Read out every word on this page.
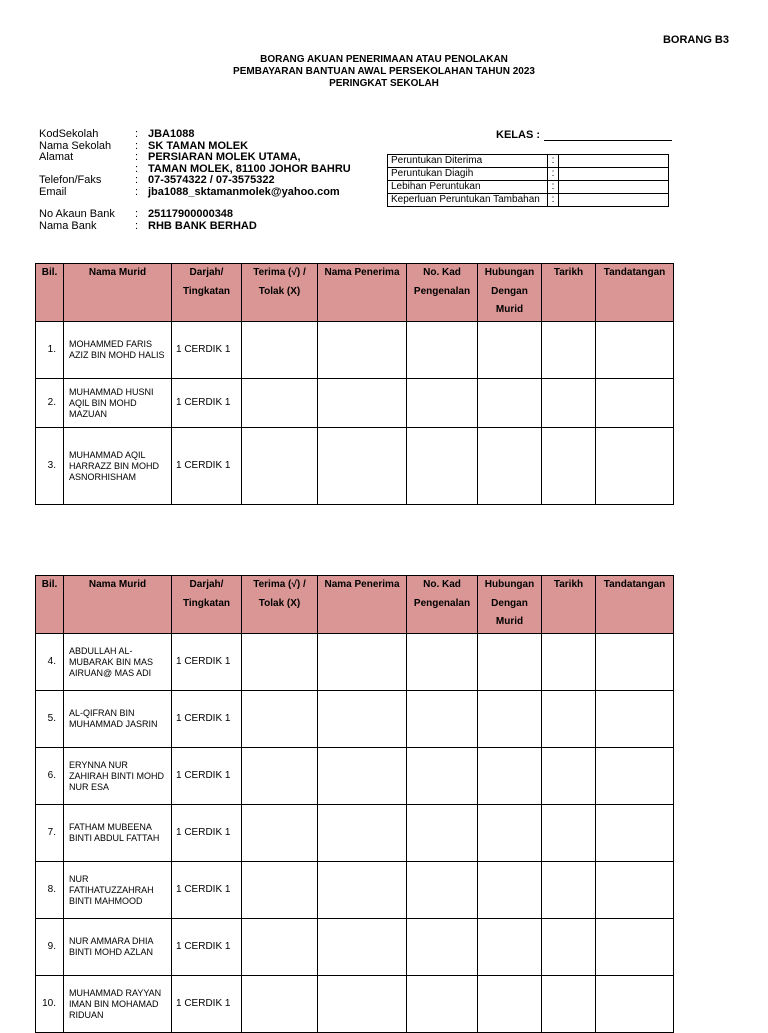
BORANG B3
BORANG AKUAN PENERIMAAN ATAU PENOLAKAN
PEMBAYARAN BANTUAN AWAL PERSEKOLAHAN TAHUN 2023
PERINGKAT SEKOLAH
KodSekolah	: JBA1088
Nama Sekolah	: SK TAMAN MOLEK
Alamat	: PERSIARAN MOLEK UTAMA,
: TAMAN MOLEK, 81100 JOHOR BAHRU
Telefon/Faks	: 07-3574322 / 07-3575322
Email	: jba1088_sktamanmolek@yahoo.com
No Akaun Bank	: 25117900000348
Nama Bank	: RHB BANK BERHAD
KELAS :
Peruntukan Diterima	:	
Peruntukan Diagih	:	
Lebihan Peruntukan	:	
Keperluan Peruntukan Tambahan	:	
Bil.	Nama Murid	Darjah/ Tingkatan	Terima (√) / Tolak (X)	Nama Penerima	No. Kad Pengenalan	Hubungan Dengan Murid	Tarikh	Tandatangan
1.	MOHAMMED FARIS AZIZ BIN MOHD HALIS	1 CERDIK 1						
2.	MUHAMMAD HUSNI AQIL BIN MOHD MAZUAN	1 CERDIK 1						
3.	MUHAMMAD AQIL HARRAZZ BIN MOHD ASNORHISHAM	1 CERDIK 1						
Bil.	Nama Murid	Darjah/ Tingkatan	Terima (√) / Tolak (X)	Nama Penerima	No. Kad Pengenalan	Hubungan Dengan Murid	Tarikh	Tandatangan
4.	ABDULLAH AL-MUBARAK BIN MAS AIRUAN@ MAS ADI	1 CERDIK 1						
5.	AL-QIFRAN BIN MUHAMMAD JASRIN	1 CERDIK 1						
6.	ERYNNA NUR ZAHIRAH BINTI MOHD NUR ESA	1 CERDIK 1						
7.	FATHAM MUBEENA BINTI ABDUL FATTAH	1 CERDIK 1						
8.	NUR FATIHATUZZAHRAH BINTI MAHMOOD	1 CERDIK 1						
9.	NUR AMMARA DHIA BINTI MOHD AZLAN	1 CERDIK 1						
10.	MUHAMMAD RAYYAN IMAN BIN MOHAMAD RIDUAN	1 CERDIK 1						
